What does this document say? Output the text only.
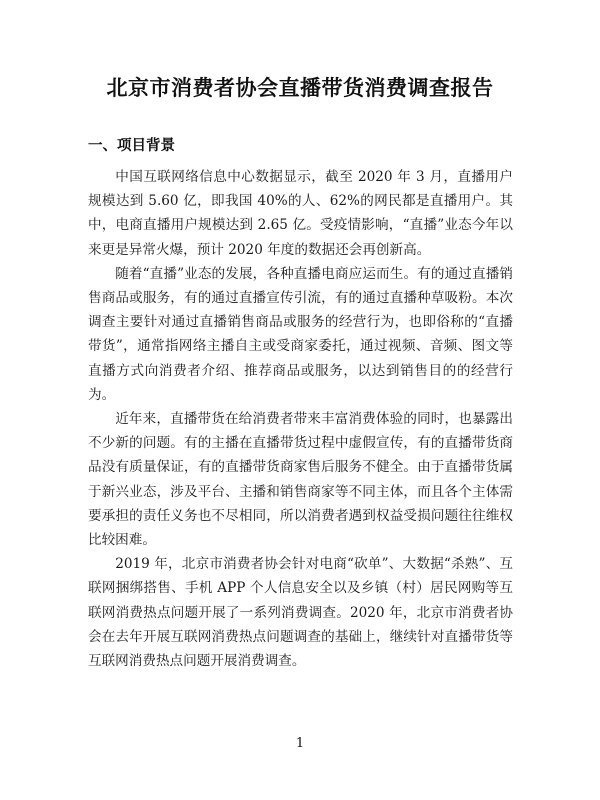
北京市消费者协会直播带货消费调查报告
一、项目背景

中国互联网络信息中心数据显示，截至 2020 年 3 月，直播用户规模达到 5.60 亿，即我国 40%的人、62%的网民都是直播用户。其中，电商直播用户规模达到 2.65 亿。受疫情影响，“直播”业态今年以来更是异常火爆，预计 2020 年度的数据还会再创新高。

随着“直播”业态的发展，各种直播电商应运而生。有的通过直播销售商品或服务，有的通过直播宣传引流，有的通过直播种草吸粉。本次调查主要针对通过直播销售商品或服务的经营行为，也即俗称的“直播带货”，通常指网络主播自主或受商家委托，通过视频、音频、图文等直播方式向消费者介绍、推荐商品或服务，以达到销售目的的经营行为。

近年来，直播带货在给消费者带来丰富消费体验的同时，也暴露出不少新的问题。有的主播在直播带货过程中虚假宣传，有的直播带货商品没有质量保证，有的直播带货商家售后服务不健全。由于直播带货属于新兴业态，涉及平台、主播和销售商家等不同主体，而且各个主体需要承担的责任义务也不尽相同，所以消费者遇到权益受损问题往往维权比较困难。

2019 年，北京市消费者协会针对电商“砍单”、大数据“杀熟”、互联网捆绑搭售、手机 APP 个人信息安全以及乡镇（村）居民网购等互联网消费热点问题开展了一系列消费调查。2020 年，北京市消费者协会在去年开展互联网消费热点问题调查的基础上，继续针对直播带货等互联网消费热点问题开展消费调查。

1
